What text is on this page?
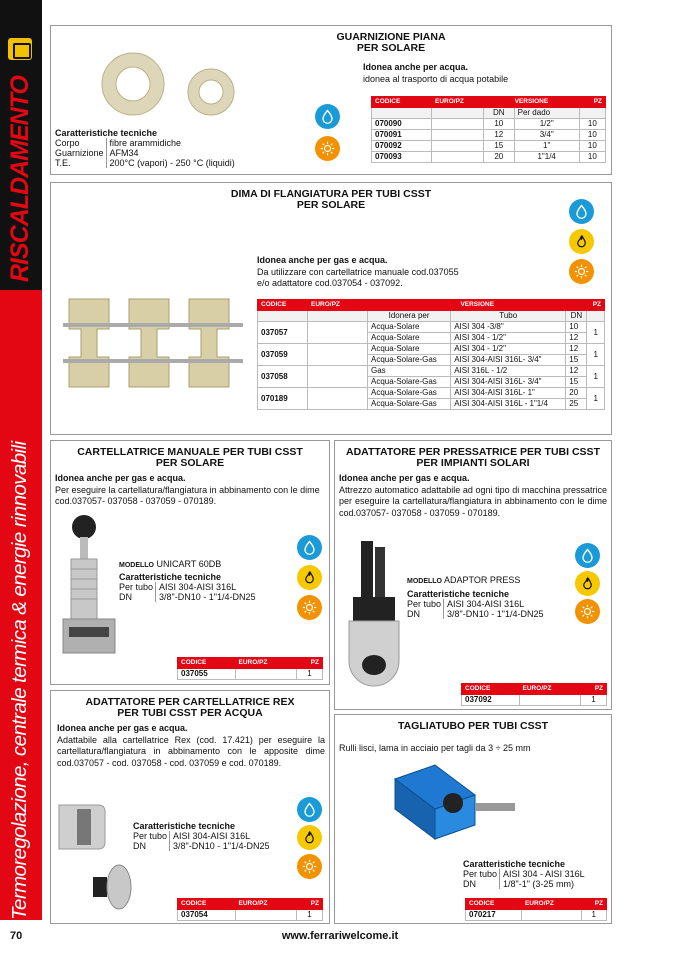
RISCALDAMENTO
Termoregolazione, centrale termica & energie rinnovabili
70
GUARNIZIONE PIANA
PER SOLARE
Idonea anche per acqua.
idonea al trasporto di acqua potabile
Caratteristiche tecniche
Corpo	fibre arammidiche
Guarnizione	AFM34
T.E.	200°C (vapori) - 250 °C (liquidi)
CODICE	EURO/PZ	VERSIONE		PZ
		DN	Per dado	
070090		10	1/2"	10
070091		12	3/4"	10
070092		15	1"	10
070093		20	1"1/4	10
DIMA DI FLANGIATURA PER TUBI CSST
PER SOLARE
Idonea anche per gas e acqua.
Da utilizzare con cartellatrice manuale cod.037055
e/o adattatore cod.037054 - 037092.
CODICE	EURO/PZ	VERSIONE			PZ
		Idonera per	Tubo	DN	
037057		Acqua-Solare	AISI 304 -3/8"	10	1
		Acqua-Solare	AISI 304 - 1/2"	12	
037059		Acqua-Solare	AISI 304 - 1/2"	12	1
		Acqua-Solare-Gas	AISI 304-AISI 316L- 3/4"	15	
037058		Gas	AISI 316L - 1/2	12	1
		Acqua-Solare-Gas	AISI 304-AISI 316L- 3/4"	15	
070189		Acqua-Solare-Gas	AISI 304-AISI 316L- 1"	20	1
		Acqua-Solare-Gas	AISI 304-AISI 316L - 1"1/4	25	
CARTELLATRICE MANUALE PER TUBI CSST
PER SOLARE
Idonea anche per gas e acqua.
Per eseguire la cartellatura/flangiatura in abbinamento con le dime cod.037057- 037058 - 037059 - 070189.
MODELLO UNICART 60DB
Caratteristiche tecniche
Per tubo	AISI 304-AISI 316L
DN	3/8"-DN10 - 1"1/4-DN25
CODICE	EURO/PZ	PZ
037055		1
ADATTATORE PER PRESSATRICE PER TUBI CSST
PER IMPIANTI SOLARI
Idonea anche per gas e acqua.
Attrezzo automatico adattabile ad ogni tipo di macchina pressatrice per eseguire la cartellatura/flangiatura in abbinamento con le dime cod.037057- 037058 - 037059 - 070189.
MODELLO ADAPTOR PRESS
Caratteristiche tecniche
Per tubo	AISI 304-AISI 316L
DN	3/8"-DN10 - 1"1/4-DN25
CODICE	EURO/PZ	PZ
037092		1
ADATTATORE PER CARTELLATRICE REX
PER TUBI CSST PER ACQUA
Idonea anche per gas e acqua.
Adattabile alla cartellatrice Rex (cod. 17.421) per eseguire la cartellatura/flangiatura in abbinamento con le apposite dime cod.037057 - cod. 037058 - cod. 037059 e cod. 070189.
Caratteristiche tecniche
Per tubo	AISI 304-AISI 316L
DN	3/8"-DN10 - 1"1/4-DN25
CODICE	EURO/PZ	PZ
037054		1
TAGLIATUBO PER TUBI CSST
Rulli lisci, lama in acciaio per tagli da 3 ÷ 25 mm
Caratteristiche tecniche
Per tubo	AISI 304 - AISI 316L
DN	1/8"-1" (3-25 mm)
CODICE	EURO/PZ	PZ
070217		1
www.ferrariwelcome.it
